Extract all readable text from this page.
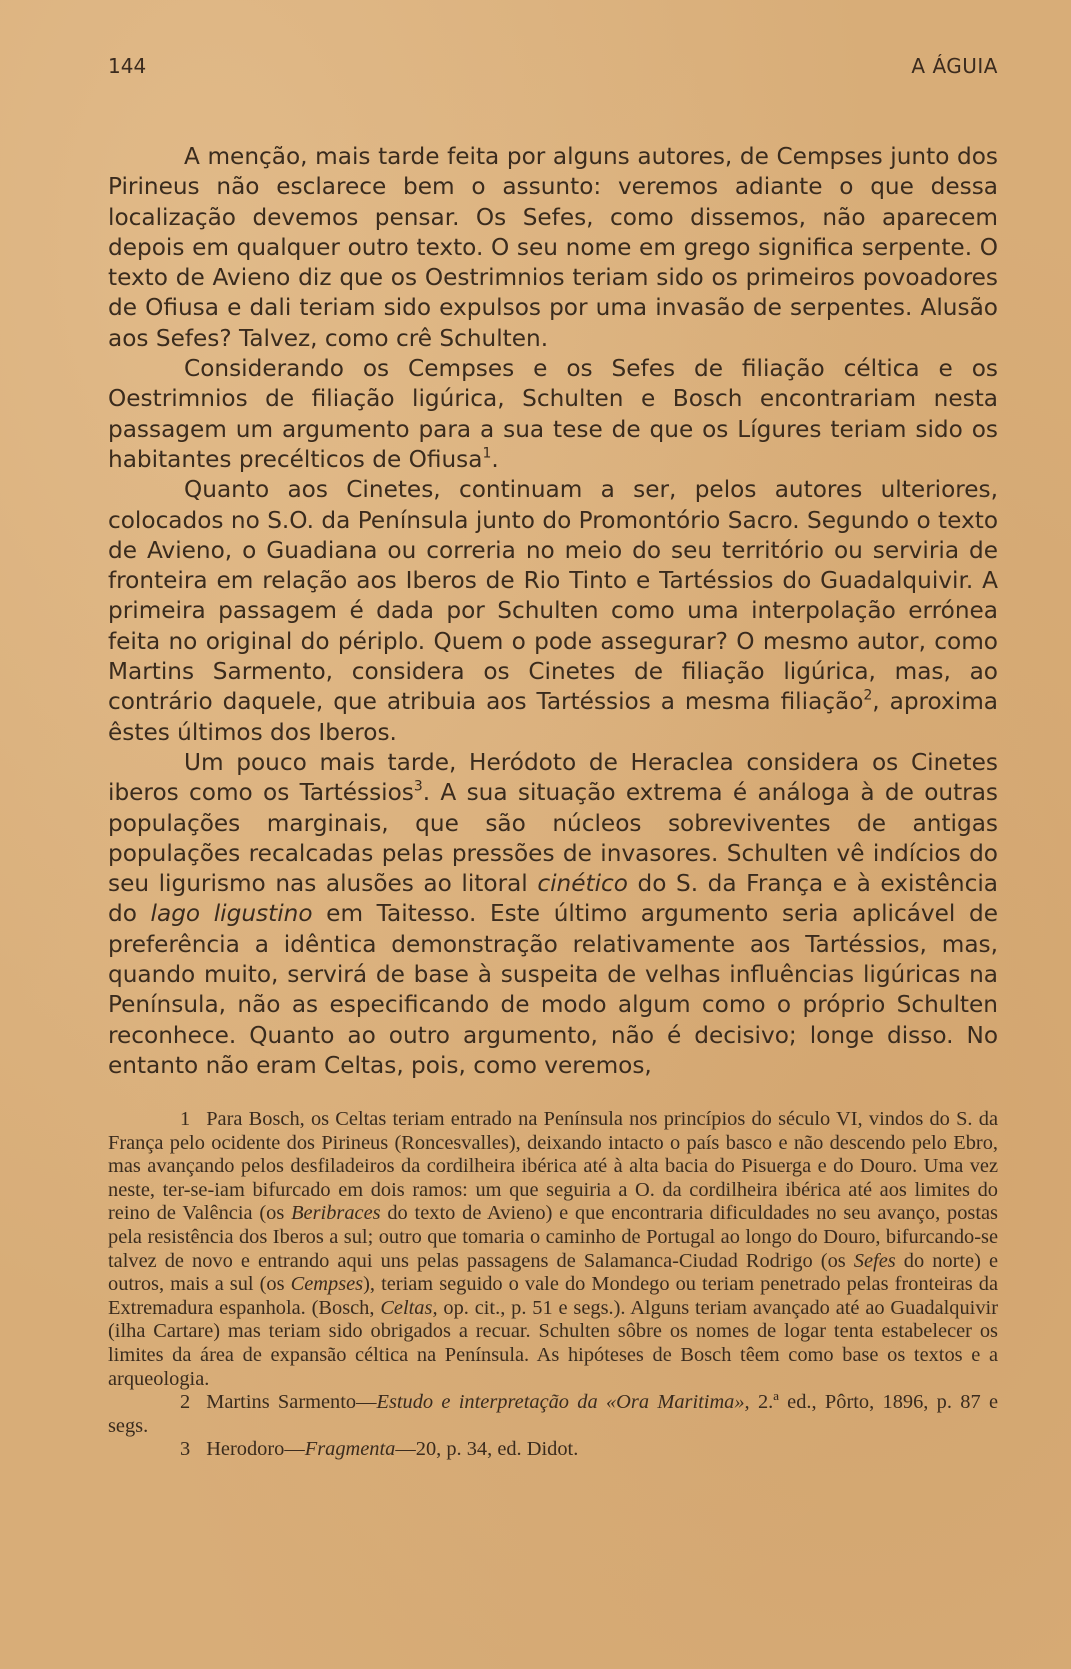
144	A ÁGUIA

A menção, mais tarde feita por alguns autores, de Cempses junto dos Pirineus não esclarece bem o assunto: veremos adiante o que dessa localização devemos pensar. Os Sefes, como dissemos, não aparecem depois em qualquer outro texto. O seu nome em grego significa serpente. O texto de Avieno diz que os Oestrimnios teriam sido os primeiros povoadores de Ofiusa e dali teriam sido expulsos por uma invasão de serpentes. Alusão aos Sefes? Talvez, como crê Schulten.

Considerando os Cempses e os Sefes de filiação céltica e os Oestrimnios de filiação ligúrica, Schulten e Bosch encontrariam nesta passagem um argumento para a sua tese de que os Lígures teriam sido os habitantes precélticos de Ofiusa$^1$.

Quanto aos Cinetes, continuam a ser, pelos autores ulteriores, colocados no S.O. da Península junto do Promontório Sacro. Segundo o texto de Avieno, o Guadiana ou correria no meio do seu território ou serviria de fronteira em relação aos Iberos de Rio Tinto e Tartéssios do Guadalquivir. A primeira passagem é dada por Schulten como uma interpolação errónea feita no original do périplo. Quem o pode assegurar? O mesmo autor, como Martins Sarmento, considera os Cinetes de filiação ligúrica, mas, ao contrário daquele, que atribuia aos Tartéssios a mesma filiação$^2$, aproxima êstes últimos dos Iberos.

Um pouco mais tarde, Heródoto de Heraclea considera os Cinetes iberos como os Tartéssios$^3$. A sua situação extrema é análoga à de outras populações marginais, que são núcleos sobreviventes de antigas populações recalcadas pelas pressões de invasores. Schulten vê indícios do seu ligurismo nas alusões ao litoral cinético do S. da França e à existência do lago ligustino em Taitesso. Este último argumento seria aplicável de preferência a idêntica demonstração relativamente aos Tartéssios, mas, quando muito, servirá de base à suspeita de velhas influências ligúricas na Península, não as especificando de modo algum como o próprio Schulten reconhece. Quanto ao outro argumento, não é decisivo; longe disso. No entanto não eram Celtas, pois, como veremos,

1 Para Bosch, os Celtas teriam entrado na Península nos princípios do século VI, vindos do S. da França pelo ocidente dos Pirineus (Roncesvalles), deixando intacto o país basco e não descendo pelo Ebro, mas avançando pelos desfiladeiros da cordilheira ibérica até à alta bacia do Pisuerga e do Douro. Uma vez neste, ter-se-iam bifurcado em dois ramos: um que seguiria a O. da cordilheira ibérica até aos limites do reino de Valência (os Beribraces do texto de Avieno) e que encontraria dificuldades no seu avanço, postas pela resistência dos Iberos a sul; outro que tomaria o caminho de Portugal ao longo do Douro, bifurcando-se talvez de novo e entrando aqui uns pelas passagens de Salamanca-Ciudad Rodrigo (os Sefes do norte) e outros, mais a sul (os Cempses), teriam seguido o vale do Mondego ou teriam penetrado pelas fronteiras da Extremadura espanhola. (Bosch, Celtas, op. cit., p. 51 e segs.). Alguns teriam avançado até ao Guadalquivir (ilha Cartare) mas teriam sido obrigados a recuar. Schulten sôbre os nomes de logar tenta estabelecer os limites da área de expansão céltica na Península. As hipóteses de Bosch têem como base os textos e a arqueologia.

2 Martins Sarmento—Estudo e interpretação da «Ora Maritima», 2.ª ed., Pôrto, 1896, p. 87 e segs.

3 Herodoro—Fragmenta—20, p. 34, ed. Didot.
